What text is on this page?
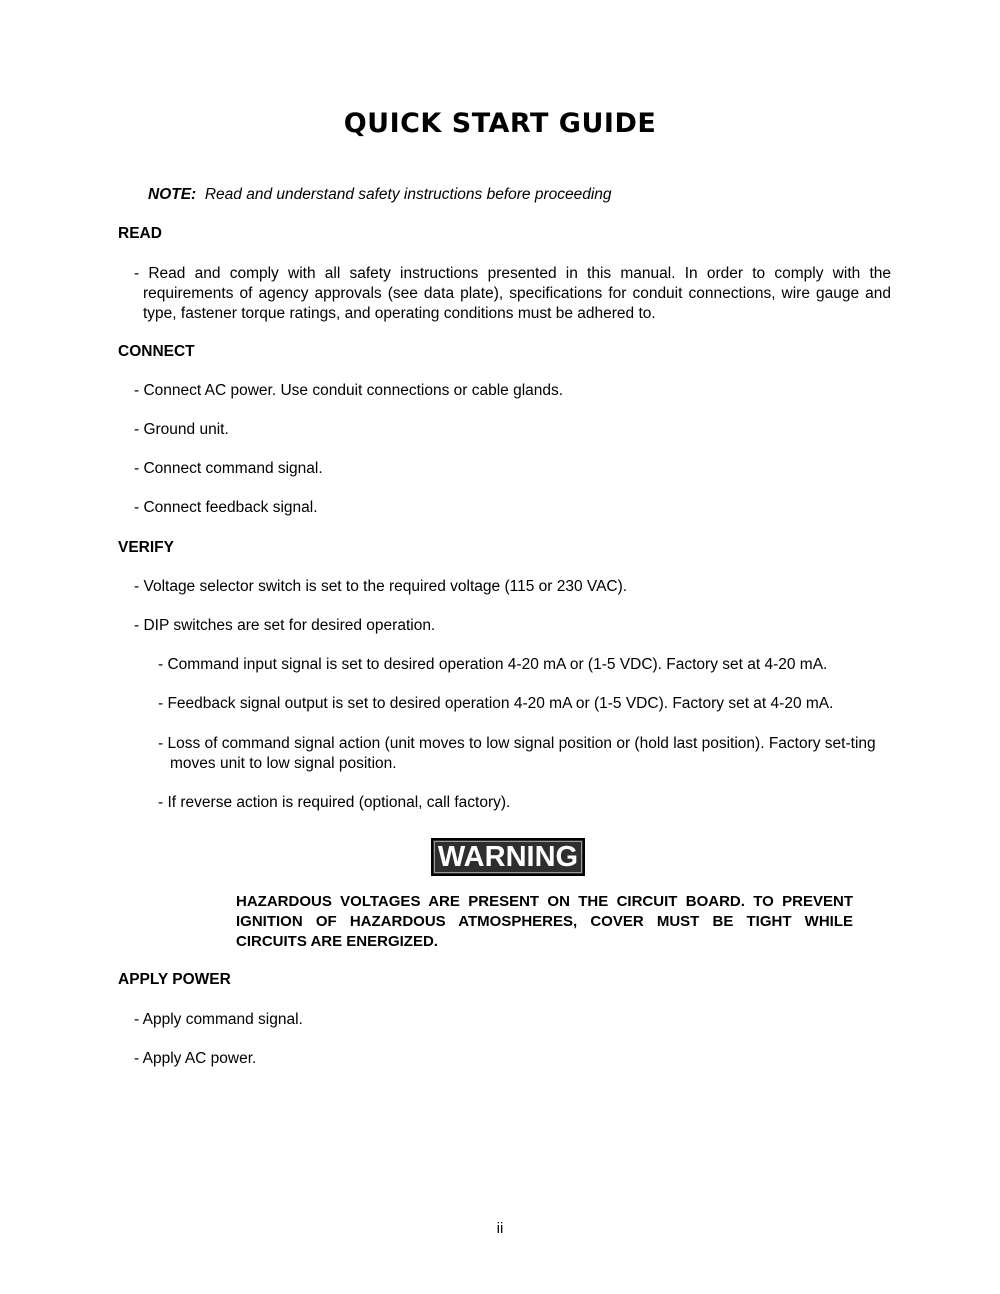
QUICK START GUIDE
NOTE: Read and understand safety instructions before proceeding
READ
- Read and comply with all safety instructions presented in this manual. In order to comply with the requirements of agency approvals (see data plate), specifications for conduit connections, wire gauge and type, fastener torque ratings, and operating conditions must be adhered to.
CONNECT
- Connect AC power. Use conduit connections or cable glands.
- Ground unit.
- Connect command signal.
- Connect feedback signal.
VERIFY
- Voltage selector switch is set to the required voltage (115 or 230 VAC).
- DIP switches are set for desired operation.
- Command input signal is set to desired operation 4-20 mA or (1-5 VDC). Factory set at 4-20 mA.
- Feedback signal output is set to desired operation 4-20 mA or (1-5 VDC). Factory set at 4-20 mA.
- Loss of command signal action (unit moves to low signal position or (hold last position). Factory set-ting moves unit to low signal position.
- If reverse action is required (optional, call factory).
WARNING
HAZARDOUS VOLTAGES ARE PRESENT ON THE CIRCUIT BOARD. TO PREVENT IGNITION OF HAZARDOUS ATMOSPHERES, COVER MUST BE TIGHT WHILE CIRCUITS ARE ENERGIZED.
APPLY POWER
- Apply command signal.
- Apply AC power.
ii
